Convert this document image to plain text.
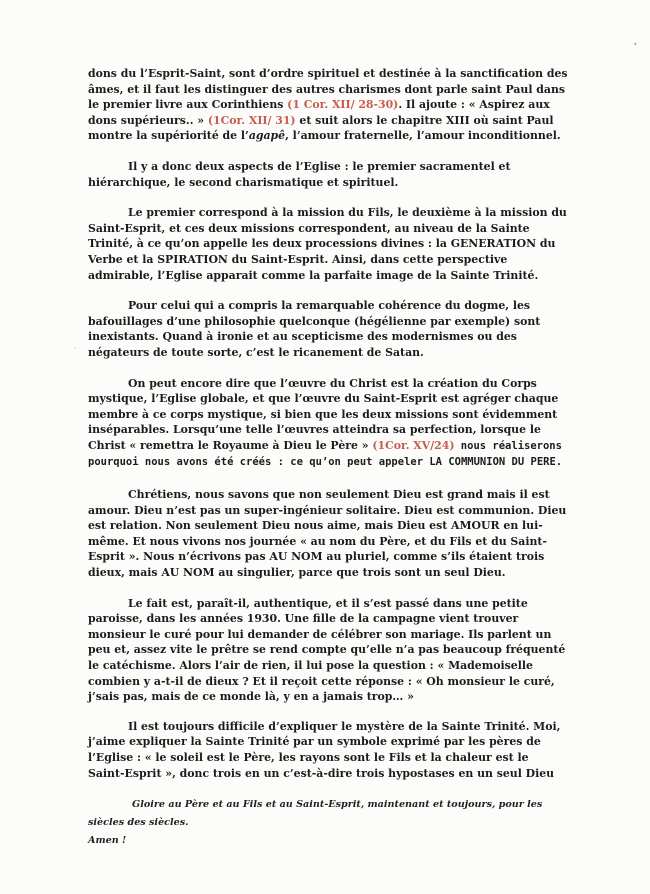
•
ˏ

dons du l’Esprit-Saint, sont d’ordre spirituel et destinée à la sanctification des âmes, et il faut les distinguer des autres charismes dont parle saint Paul dans le premier livre aux Corinthiens (1 Cor. XII/ 28-30). Il ajoute : « Aspirez aux dons supérieurs.. » (1Cor. XII/ 31) et suit alors le chapitre XIII où saint Paul montre la supériorité de l’agapê, l’amour fraternelle, l’amour inconditionnel.

Il y a donc deux aspects de l’Eglise : le premier sacramentel et hiérarchique, le second charismatique et spirituel.

Le premier correspond à la mission du Fils, le deuxième à la mission du Saint-Esprit, et ces deux missions correspondent, au niveau de la Sainte Trinité, à ce qu’on appelle les deux processions divines : la GENERATION du Verbe et la SPIRATION du Saint-Esprit. Ainsi, dans cette perspective admirable, l’Eglise apparait comme la parfaite image de la Sainte Trinité.

Pour celui qui a compris la remarquable cohérence du dogme, les bafouillages d’une philosophie quelconque (hégélienne par exemple) sont inexistants. Quand à ironie et au scepticisme des modernismes ou des négateurs de toute sorte, c’est le ricanement de Satan.

On peut encore dire que l’œuvre du Christ est la création du Corps mystique, l’Eglise globale, et que l’œuvre du Saint-Esprit est agréger chaque membre à ce corps mystique, si bien que les deux missions sont évidemment inséparables. Lorsqu’une telle l’œuvres atteindra sa perfection, lorsque le Christ « remettra le Royaume à Dieu le Père » (1Cor. XV/24) nous réaliserons pourquoi nous avons été créés : ce qu’on peut appeler LA COMMUNION DU PERE.

Chrétiens, nous savons que non seulement Dieu est grand mais il est amour. Dieu n’est pas un super-ingénieur solitaire. Dieu est communion. Dieu est relation. Non seulement Dieu nous aime, mais Dieu est AMOUR en lui-même. Et nous vivons nos journée « au nom du Père, et du Fils et du Saint-Esprit ». Nous n’écrivons pas AU NOM au pluriel, comme s’ils étaient trois dieux, mais AU NOM au singulier, parce que trois sont un seul Dieu.

Le fait est, paraît-il, authentique, et il s’est passé dans une petite paroisse, dans les années 1930. Une fille de la campagne vient trouver monsieur le curé pour lui demander de célébrer son mariage. Ils parlent un peu et, assez vite le prêtre se rend compte qu’elle n’a pas beaucoup fréquenté le catéchisme. Alors l’air de rien, il lui pose la question : « Mademoiselle combien y a-t-il de dieux ? Et il reçoit cette réponse : « Oh monsieur le curé, j’sais pas, mais de ce monde là, y en a jamais trop… »

Il est toujours difficile d’expliquer le mystère de la Sainte Trinité. Moi, j’aime expliquer la Sainte Trinité par un symbole exprimé par les pères de l’Eglise : « le soleil est le Père, les rayons sont le Fils et la chaleur est le Saint-Esprit », donc trois en un c’est-à-dire trois hypostases en un seul Dieu

Gloire au Père et au Fils et au Saint-Esprit, maintenant et toujours, pour les siècles des siècles.
Amen !
